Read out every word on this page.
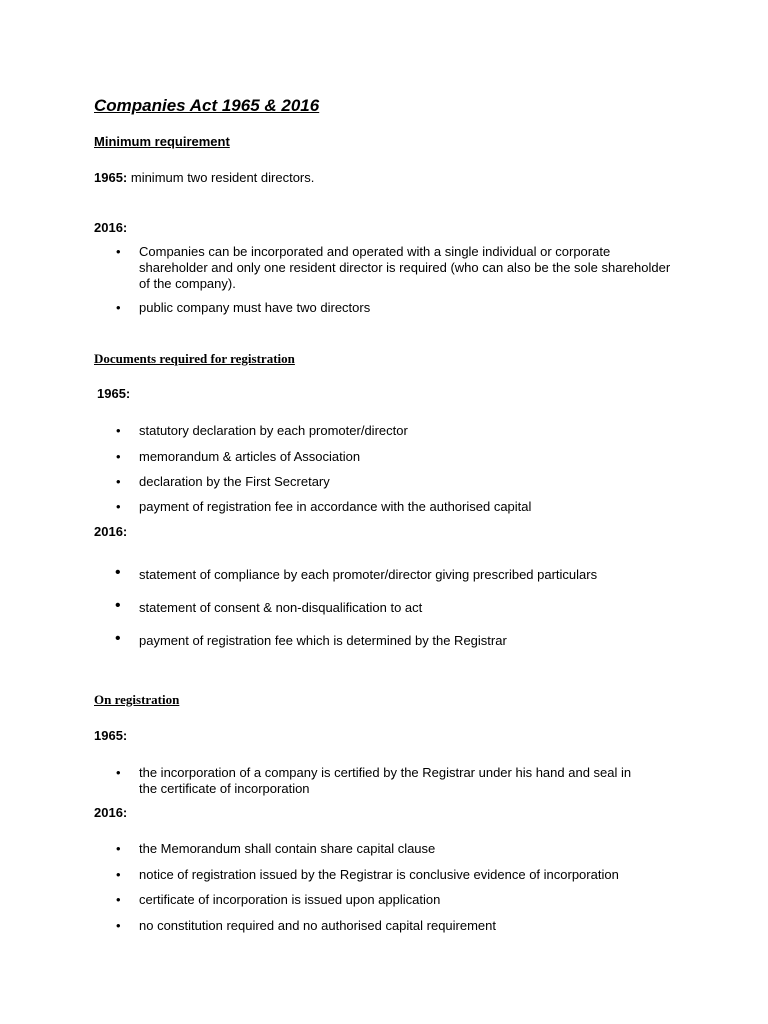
Companies Act 1965 & 2016
Minimum requirement
1965: minimum two resident directors.
2016:
• Companies can be incorporated and operated with a single individual or corporate shareholder and only one resident director is required (who can also be the sole shareholder of the company).
• public company must have two directors
Documents required for registration
1965:
• statutory declaration by each promoter/director
• memorandum & articles of Association
• declaration by the First Secretary
• payment of registration fee in accordance with the authorised capital
2016:
• statement of compliance by each promoter/director giving prescribed particulars
• statement of consent & non-disqualification to act
• payment of registration fee which is determined by the Registrar
On registration
1965:
• the incorporation of a company is certified by the Registrar under his hand and seal in the certificate of incorporation
2016:
• the Memorandum shall contain share capital clause
• notice of registration issued by the Registrar is conclusive evidence of incorporation
• certificate of incorporation is issued upon application
• no constitution required and no authorised capital requirement
